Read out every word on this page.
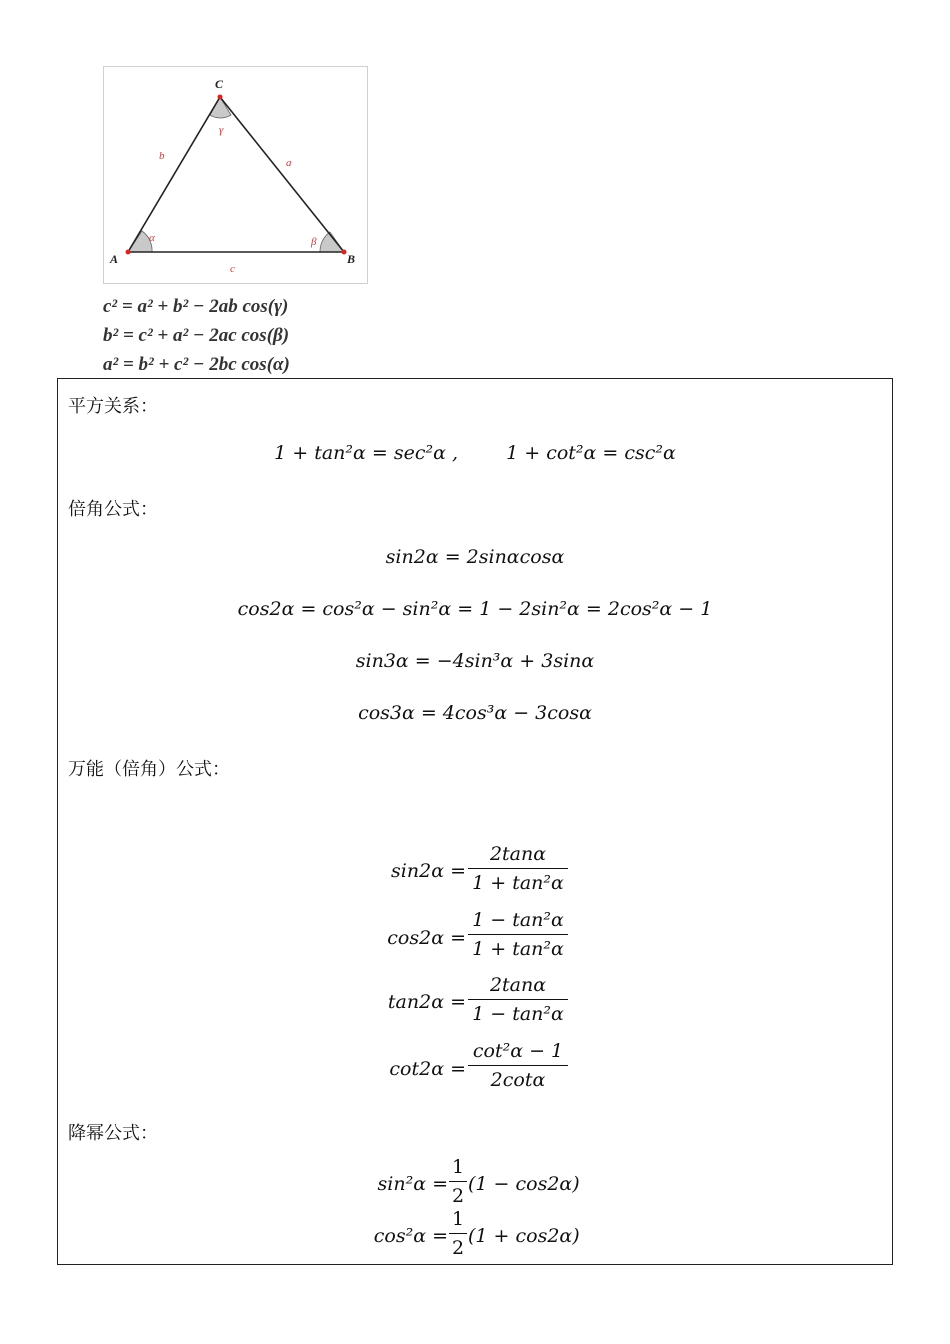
A	B
C
b
a
c
α	β
γ
c² = a² + b² − 2ab cos(γ)
b² = c² + a² − 2ac cos(β)
a² = b² + c² − 2bc cos(α)
平方关系：
1 + tan²α = sec²α ,	1 + cot²α = csc²α
倍角公式：
sin2α = 2sinαcosα
cos2α = cos²α − sin²α = 1 − 2sin²α = 2cos²α − 1
sin3α = −4sin³α + 3sinα
cos3α = 4cos³α − 3cosα
万能（倍角）公式：
sin2α =
2tanα
1 + tan²α
cos2α =
1 − tan²α
1 + tan²α
tan2α =
2tanα
1 − tan²α
cot2α =
cot²α − 1
2cotα
降幂公式：
sin²α =
1
2
(1 − cos2α)
cos²α =
1
2
(1 + cos2α)
